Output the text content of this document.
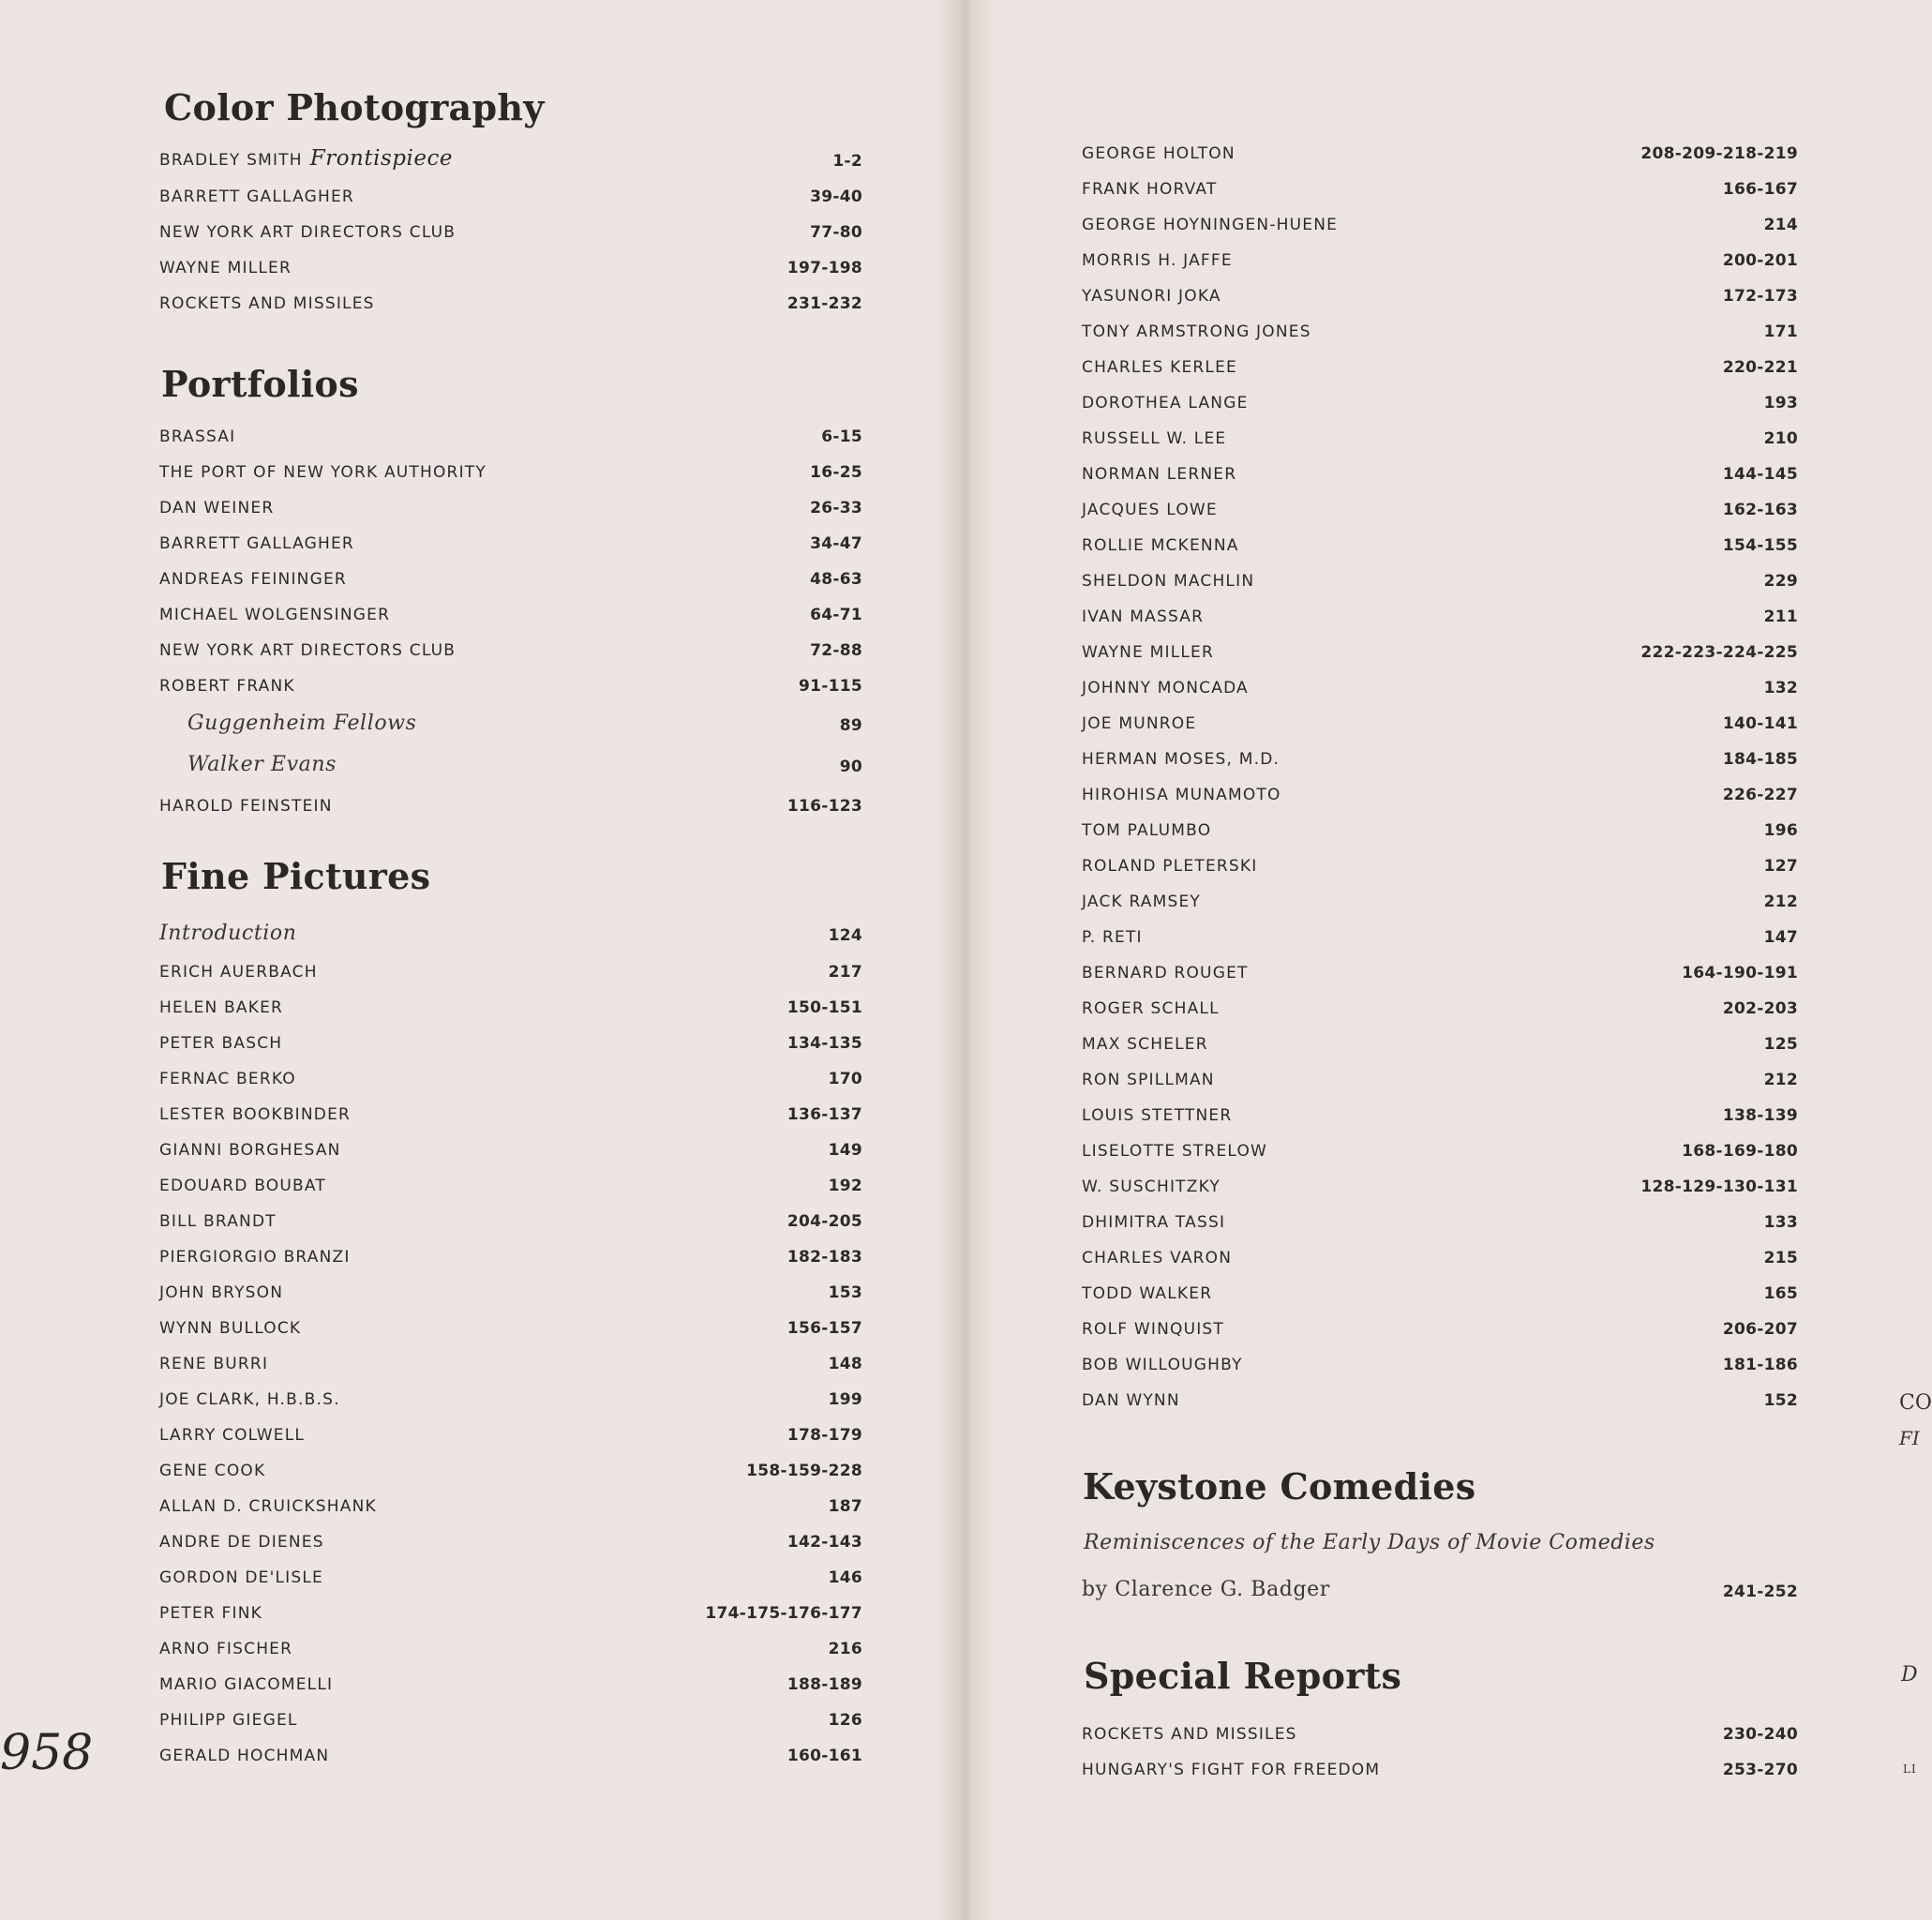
Color Photography
BRADLEY SMITH Frontispiece	1-2
BARRETT GALLAGHER	39-40
NEW YORK ART DIRECTORS CLUB	77-80
WAYNE MILLER	197-198
ROCKETS AND MISSILES	231-232
Portfolios
BRASSAI	6-15
THE PORT OF NEW YORK AUTHORITY	16-25
DAN WEINER	26-33
BARRETT GALLAGHER	34-47
ANDREAS FEININGER	48-63
MICHAEL WOLGENSINGER	64-71
NEW YORK ART DIRECTORS CLUB	72-88
ROBERT FRANK	91-115
Guggenheim Fellows	89
Walker Evans	90
HAROLD FEINSTEIN	116-123
Fine Pictures
Introduction	124
ERICH AUERBACH	217
HELEN BAKER	150-151
PETER BASCH	134-135
FERNAC BERKO	170
LESTER BOOKBINDER	136-137
GIANNI BORGHESAN	149
EDOUARD BOUBAT	192
BILL BRANDT	204-205
PIERGIORGIO BRANZI	182-183
JOHN BRYSON	153
WYNN BULLOCK	156-157
RENE BURRI	148
JOE CLARK, H.B.B.S.	199
LARRY COLWELL	178-179
GENE COOK	158-159-228
ALLAN D. CRUICKSHANK	187
ANDRE DE DIENES	142-143
GORDON DE'LISLE	146
PETER FINK	174-175-176-177
ARNO FISCHER	216
MARIO GIACOMELLI	188-189
PHILIPP GIEGEL	126
GERALD HOCHMAN	160-161
958
GEORGE HOLTON	208-209-218-219
FRANK HORVAT	166-167
GEORGE HOYNINGEN-HUENE	214
MORRIS H. JAFFE	200-201
YASUNORI JOKA	172-173
TONY ARMSTRONG JONES	171
CHARLES KERLEE	220-221
DOROTHEA LANGE	193
RUSSELL W. LEE	210
NORMAN LERNER	144-145
JACQUES LOWE	162-163
ROLLIE MCKENNA	154-155
SHELDON MACHLIN	229
IVAN MASSAR	211
WAYNE MILLER	222-223-224-225
JOHNNY MONCADA	132
JOE MUNROE	140-141
HERMAN MOSES, M.D.	184-185
HIROHISA MUNAMOTO	226-227
TOM PALUMBO	196
ROLAND PLETERSKI	127
JACK RAMSEY	212
P. RETI	147
BERNARD ROUGET	164-190-191
ROGER SCHALL	202-203
MAX SCHELER	125
RON SPILLMAN	212
LOUIS STETTNER	138-139
LISELOTTE STRELOW	168-169-180
W. SUSCHITZKY	128-129-130-131
DHIMITRA TASSI	133
CHARLES VARON	215
TODD WALKER	165
ROLF WINQUIST	206-207
BOB WILLOUGHBY	181-186
DAN WYNN	152
Keystone Comedies
Reminiscences of the Early Days of Movie Comedies
by Clarence G. Badger	241-252
Special Reports
ROCKETS AND MISSILES	230-240
HUNGARY'S FIGHT FOR FREEDOM	253-270
CO
FI
D
LI
